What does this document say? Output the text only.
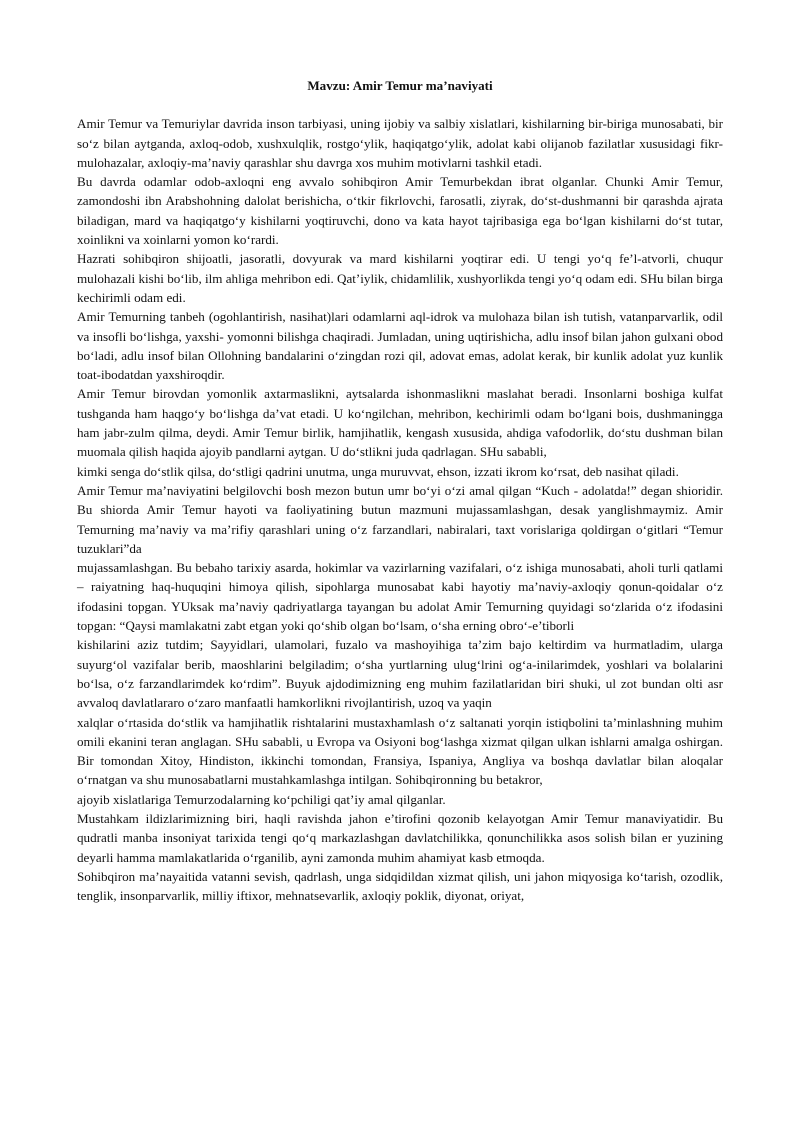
Mavzu: Amir Temur ma’naviyati

Amir Temur va Temuriylar davrida inson tarbiyasi, uning ijobiy va salbiy xislatlari, kishilarning bir-biriga munosabati, bir so‘z bilan aytganda, axloq-odob, xushxulqlik, rostgo‘ylik, haqiqatgo‘ylik, adolat kabi olijanob fazilatlar xususidagi fikr-mulohazalar, axloqiy-ma’naviy qarashlar shu davrga xos muhim motivlarni tashkil etadi.

Bu davrda odamlar odob-axloqni eng avvalo sohibqiron Amir Temurbekdan ibrat olganlar. Chunki Amir Temur, zamondoshi ibn Arabshohning dalolat berishicha, o‘tkir fikrlovchi, farosatli, ziyrak, do‘st-dushmanni bir qarashda ajrata biladigan, mard va haqiqatgo‘y kishilarni yoqtiruvchi, dono va kata hayot tajribasiga ega bo‘lgan kishilarni do‘st tutar, xoinlikni va xoinlarni yomon ko‘rardi.

Hazrati sohibqiron shijoatli, jasoratli, dovyurak va mard kishilarni yoqtirar edi. U tengi yo‘q fe’l-atvorli, chuqur mulohazali kishi bo‘lib, ilm ahliga mehribon edi. Qat’iylik, chidamlilik, xushyorlikda tengi yo‘q odam edi. SHu bilan birga kechirimli odam edi.

Amir Temurning tanbeh (ogohlantirish, nasihat)lari odamlarni aql-idrok va mulohaza bilan ish tutish, vatanparvarlik, odil va insofli bo‘lishga, yaxshi- yomonni bilishga chaqiradi. Jumladan, uning uqtirishicha, adlu insof bilan jahon gulxani obod bo‘ladi, adlu insof bilan Ollohning bandalarini o‘zingdan rozi qil, adovat emas, adolat kerak, bir kunlik adolat yuz kunlik toat-ibodatdan yaxshiroqdir.

Amir Temur birovdan yomonlik axtarmaslikni, aytsalarda ishonmaslikni maslahat beradi. Insonlarni boshiga kulfat tushganda ham haqgo‘y bo‘lishga da’vat etadi. U ko‘ngilchan, mehribon, kechirimli odam bo‘lgani bois, dushmaningga ham jabr-zulm qilma, deydi. Amir Temur birlik, hamjihatlik, kengash xususida, ahdiga vafodorlik, do‘stu dushman bilan muomala qilish haqida ajoyib pandlarni aytgan. U do‘stlikni juda qadrlagan. SHu sababli,

kimki senga do‘stlik qilsa, do‘stligi qadrini unutma, unga muruvvat, ehson, izzati ikrom ko‘rsat, deb nasihat qiladi.

Amir Temur ma’naviyatini belgilovchi bosh mezon butun umr bo‘yi o‘zi amal qilgan “Kuch - adolatda!” degan shioridir. Bu shiorda Amir Temur hayoti va faoliyatining butun mazmuni mujassamlashgan, desak yanglishmaymiz. Amir Temurning ma’naviy va ma’rifiy qarashlari uning o‘z farzandlari, nabiralari, taxt vorislariga qoldirgan o‘gitlari “Temur tuzuklari”da

mujassamlashgan. Bu bebaho tarixiy asarda, hokimlar va vazirlarning vazifalari, o‘z ishiga munosabati, aholi turli qatlami – raiyatning haq-huquqini himoya qilish, sipohlarga munosabat kabi hayotiy ma’naviy-axloqiy qonun-qoidalar o‘z ifodasini topgan. YUksak ma’naviy qadriyatlarga tayangan bu adolat Amir Temurning quyidagi so‘zlarida o‘z ifodasini topgan: “Qaysi mamlakatni zabt etgan yoki qo‘shib olgan bo‘lsam, o‘sha erning obro‘-e’tiborli

kishilarini aziz tutdim; Sayyidlari, ulamolari, fuzalo va mashoyihiga ta’zim bajo keltirdim va hurmatladim, ularga suyurg‘ol vazifalar berib, maoshlarini belgiladim; o‘sha yurtlarning ulug‘lrini og‘a-inilarimdek, yoshlari va bolalarini bo‘lsa, o‘z farzandlarimdek ko‘rdim”. Buyuk ajdodimizning eng muhim fazilatlaridan biri shuki, ul zot bundan olti asr avvaloq davlatlararo o‘zaro manfaatli hamkorlikni rivojlantirish, uzoq va yaqin

xalqlar o‘rtasida do‘stlik va hamjihatlik rishtalarini mustaxhamlash o‘z saltanati yorqin istiqbolini ta’minlashning muhim omili ekanini teran anglagan. SHu sababli, u Evropa va Osiyoni bog‘lashga xizmat qilgan ulkan ishlarni amalga oshirgan. Bir tomondan Xitoy, Hindiston, ikkinchi tomondan, Fransiya, Ispaniya, Angliya va boshqa davlatlar bilan aloqalar o‘rnatgan va shu munosabatlarni mustahkamlashga intilgan. Sohibqironning bu betakror,

ajoyib xislatlariga Temurzodalarning ko‘pchiligi qat’iy amal qilganlar.

Mustahkam ildizlarimizning biri, haqli ravishda jahon e’tirofini qozonib kelayotgan Amir Temur manaviyatidir. Bu qudratli manba insoniyat tarixida tengi qo‘q markazlashgan davlatchilikka, qonunchilikka asos solish bilan er yuzining deyarli hamma mamlakatlarida o‘rganilib, ayni zamonda muhim ahamiyat kasb etmoqda.

Sohibqiron ma’nayaitida vatanni sevish, qadrlash, unga sidqidildan xizmat qilish, uni jahon miqyosiga ko‘tarish, ozodlik, tenglik, insonparvarlik, milliy iftixor, mehnatsevarlik, axloqiy poklik, diyonat, oriyat,
